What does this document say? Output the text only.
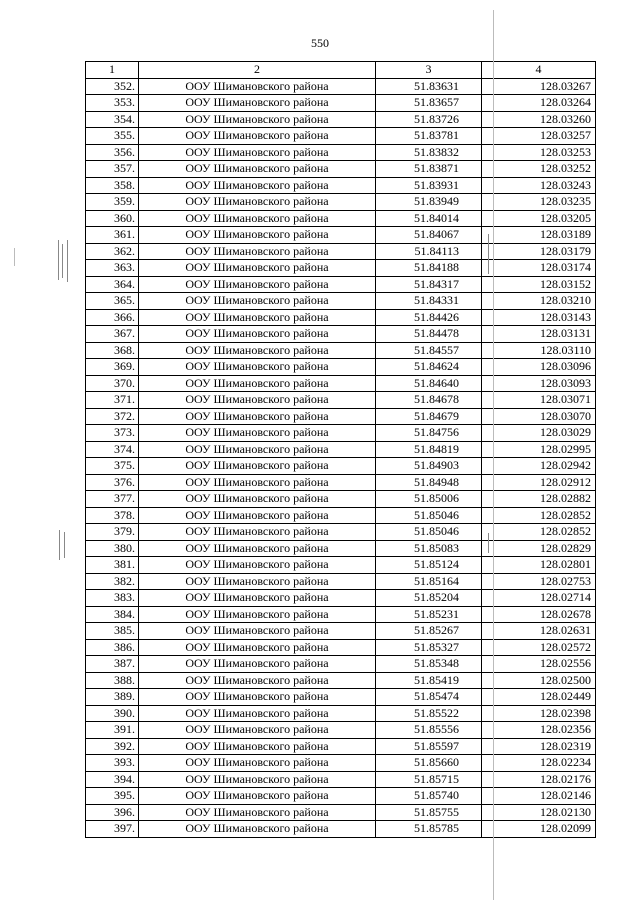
550
1	2	3	4
352.	ООУ Шимановского района	51.83631	128.03267
353.	ООУ Шимановского района	51.83657	128.03264
354.	ООУ Шимановского района	51.83726	128.03260
355.	ООУ Шимановского района	51.83781	128.03257
356.	ООУ Шимановского района	51.83832	128.03253
357.	ООУ Шимановского района	51.83871	128.03252
358.	ООУ Шимановского района	51.83931	128.03243
359.	ООУ Шимановского района	51.83949	128.03235
360.	ООУ Шимановского района	51.84014	128.03205
361.	ООУ Шимановского района	51.84067	128.03189
362.	ООУ Шимановского района	51.84113	128.03179
363.	ООУ Шимановского района	51.84188	128.03174
364.	ООУ Шимановского района	51.84317	128.03152
365.	ООУ Шимановского района	51.84331	128.03210
366.	ООУ Шимановского района	51.84426	128.03143
367.	ООУ Шимановского района	51.84478	128.03131
368.	ООУ Шимановского района	51.84557	128.03110
369.	ООУ Шимановского района	51.84624	128.03096
370.	ООУ Шимановского района	51.84640	128.03093
371.	ООУ Шимановского района	51.84678	128.03071
372.	ООУ Шимановского района	51.84679	128.03070
373.	ООУ Шимановского района	51.84756	128.03029
374.	ООУ Шимановского района	51.84819	128.02995
375.	ООУ Шимановского района	51.84903	128.02942
376.	ООУ Шимановского района	51.84948	128.02912
377.	ООУ Шимановского района	51.85006	128.02882
378.	ООУ Шимановского района	51.85046	128.02852
379.	ООУ Шимановского района	51.85046	128.02852
380.	ООУ Шимановского района	51.85083	128.02829
381.	ООУ Шимановского района	51.85124	128.02801
382.	ООУ Шимановского района	51.85164	128.02753
383.	ООУ Шимановского района	51.85204	128.02714
384.	ООУ Шимановского района	51.85231	128.02678
385.	ООУ Шимановского района	51.85267	128.02631
386.	ООУ Шимановского района	51.85327	128.02572
387.	ООУ Шимановского района	51.85348	128.02556
388.	ООУ Шимановского района	51.85419	128.02500
389.	ООУ Шимановского района	51.85474	128.02449
390.	ООУ Шимановского района	51.85522	128.02398
391.	ООУ Шимановского района	51.85556	128.02356
392.	ООУ Шимановского района	51.85597	128.02319
393.	ООУ Шимановского района	51.85660	128.02234
394.	ООУ Шимановского района	51.85715	128.02176
395.	ООУ Шимановского района	51.85740	128.02146
396.	ООУ Шимановского района	51.85755	128.02130
397.	ООУ Шимановского района	51.85785	128.02099
